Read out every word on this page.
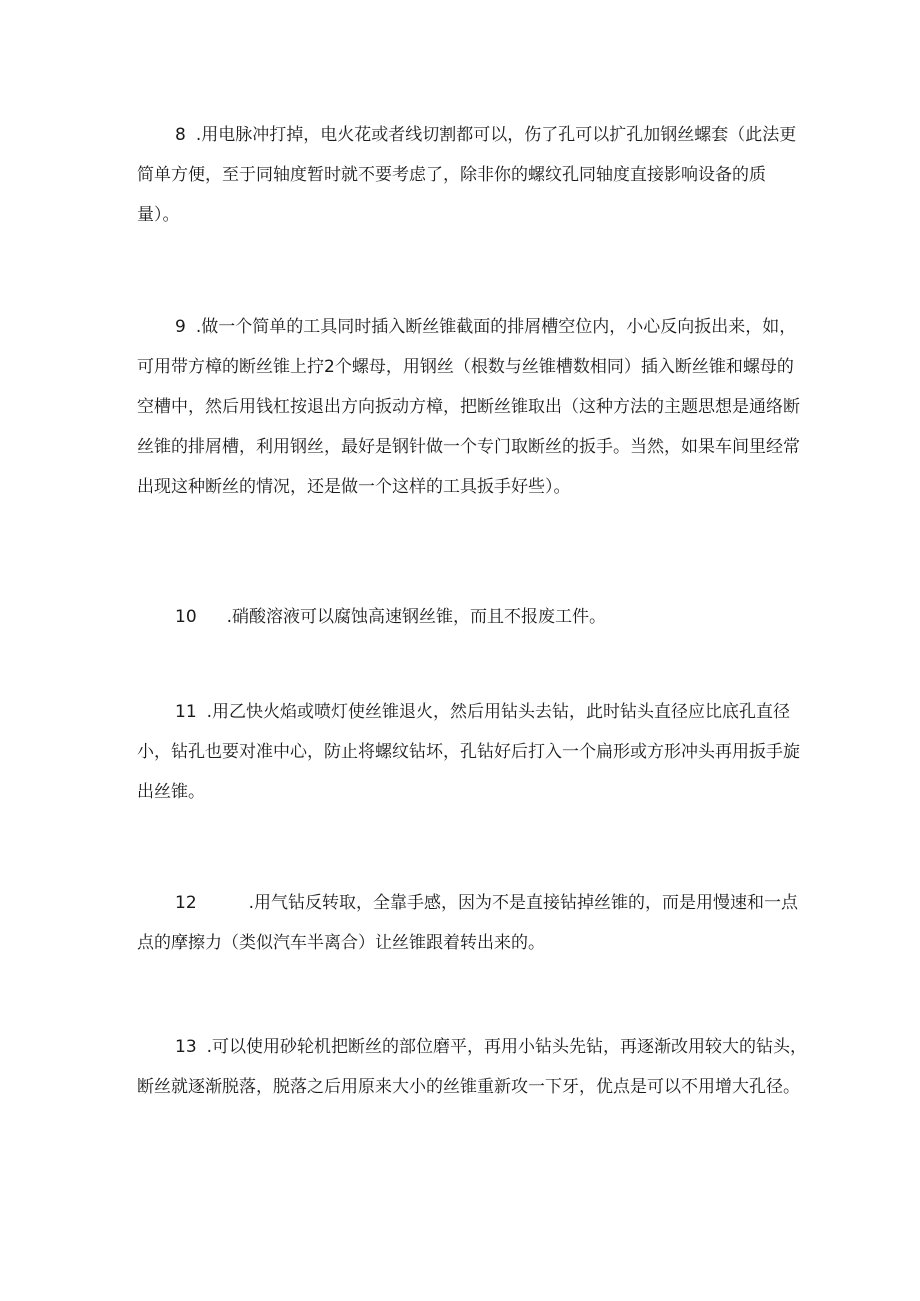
8 .用电脉冲打掉，电火花或者线切割都可以，伤了孔可以扩孔加钢丝螺套（此法更
简单方便，至于同轴度暂时就不要考虑了，除非你的螺纹孔同轴度直接影响设备的质
量）。
9 .做一个简单的工具同时插入断丝锥截面的排屑槽空位内，小心反向扳出来，如，
可用带方樟的断丝锥上拧2个螺母，用钢丝（根数与丝锥槽数相同）插入断丝锥和螺母的
空槽中，然后用钱杠按退出方向扳动方樟，把断丝锥取出（这种方法的主题思想是通络断
丝锥的排屑槽，利用钢丝，最好是钢针做一个专门取断丝的扳手。当然，如果车间里经常
出现这种断丝的情况，还是做一个这样的工具扳手好些）。
10 .硝酸溶液可以腐蚀高速钢丝锥，而且不报废工件。
11 .用乙快火焰或喷灯使丝锥退火，然后用钻头去钻，此时钻头直径应比底孔直径
小，钻孔也要对准中心，防止将螺纹钻坏，孔钻好后打入一个扁形或方形冲头再用扳手旋
出丝锥。
12	.用气钻反转取，全靠手感，因为不是直接钻掉丝锥的，而是用慢速和一点
点的摩擦力（类似汽车半离合）让丝锥跟着转出来的。
13 .可以使用砂轮机把断丝的部位磨平，再用小钻头先钻，再逐渐改用较大的钻头，
断丝就逐渐脱落，脱落之后用原来大小的丝锥重新攻一下牙，优点是可以不用增大孔径。
